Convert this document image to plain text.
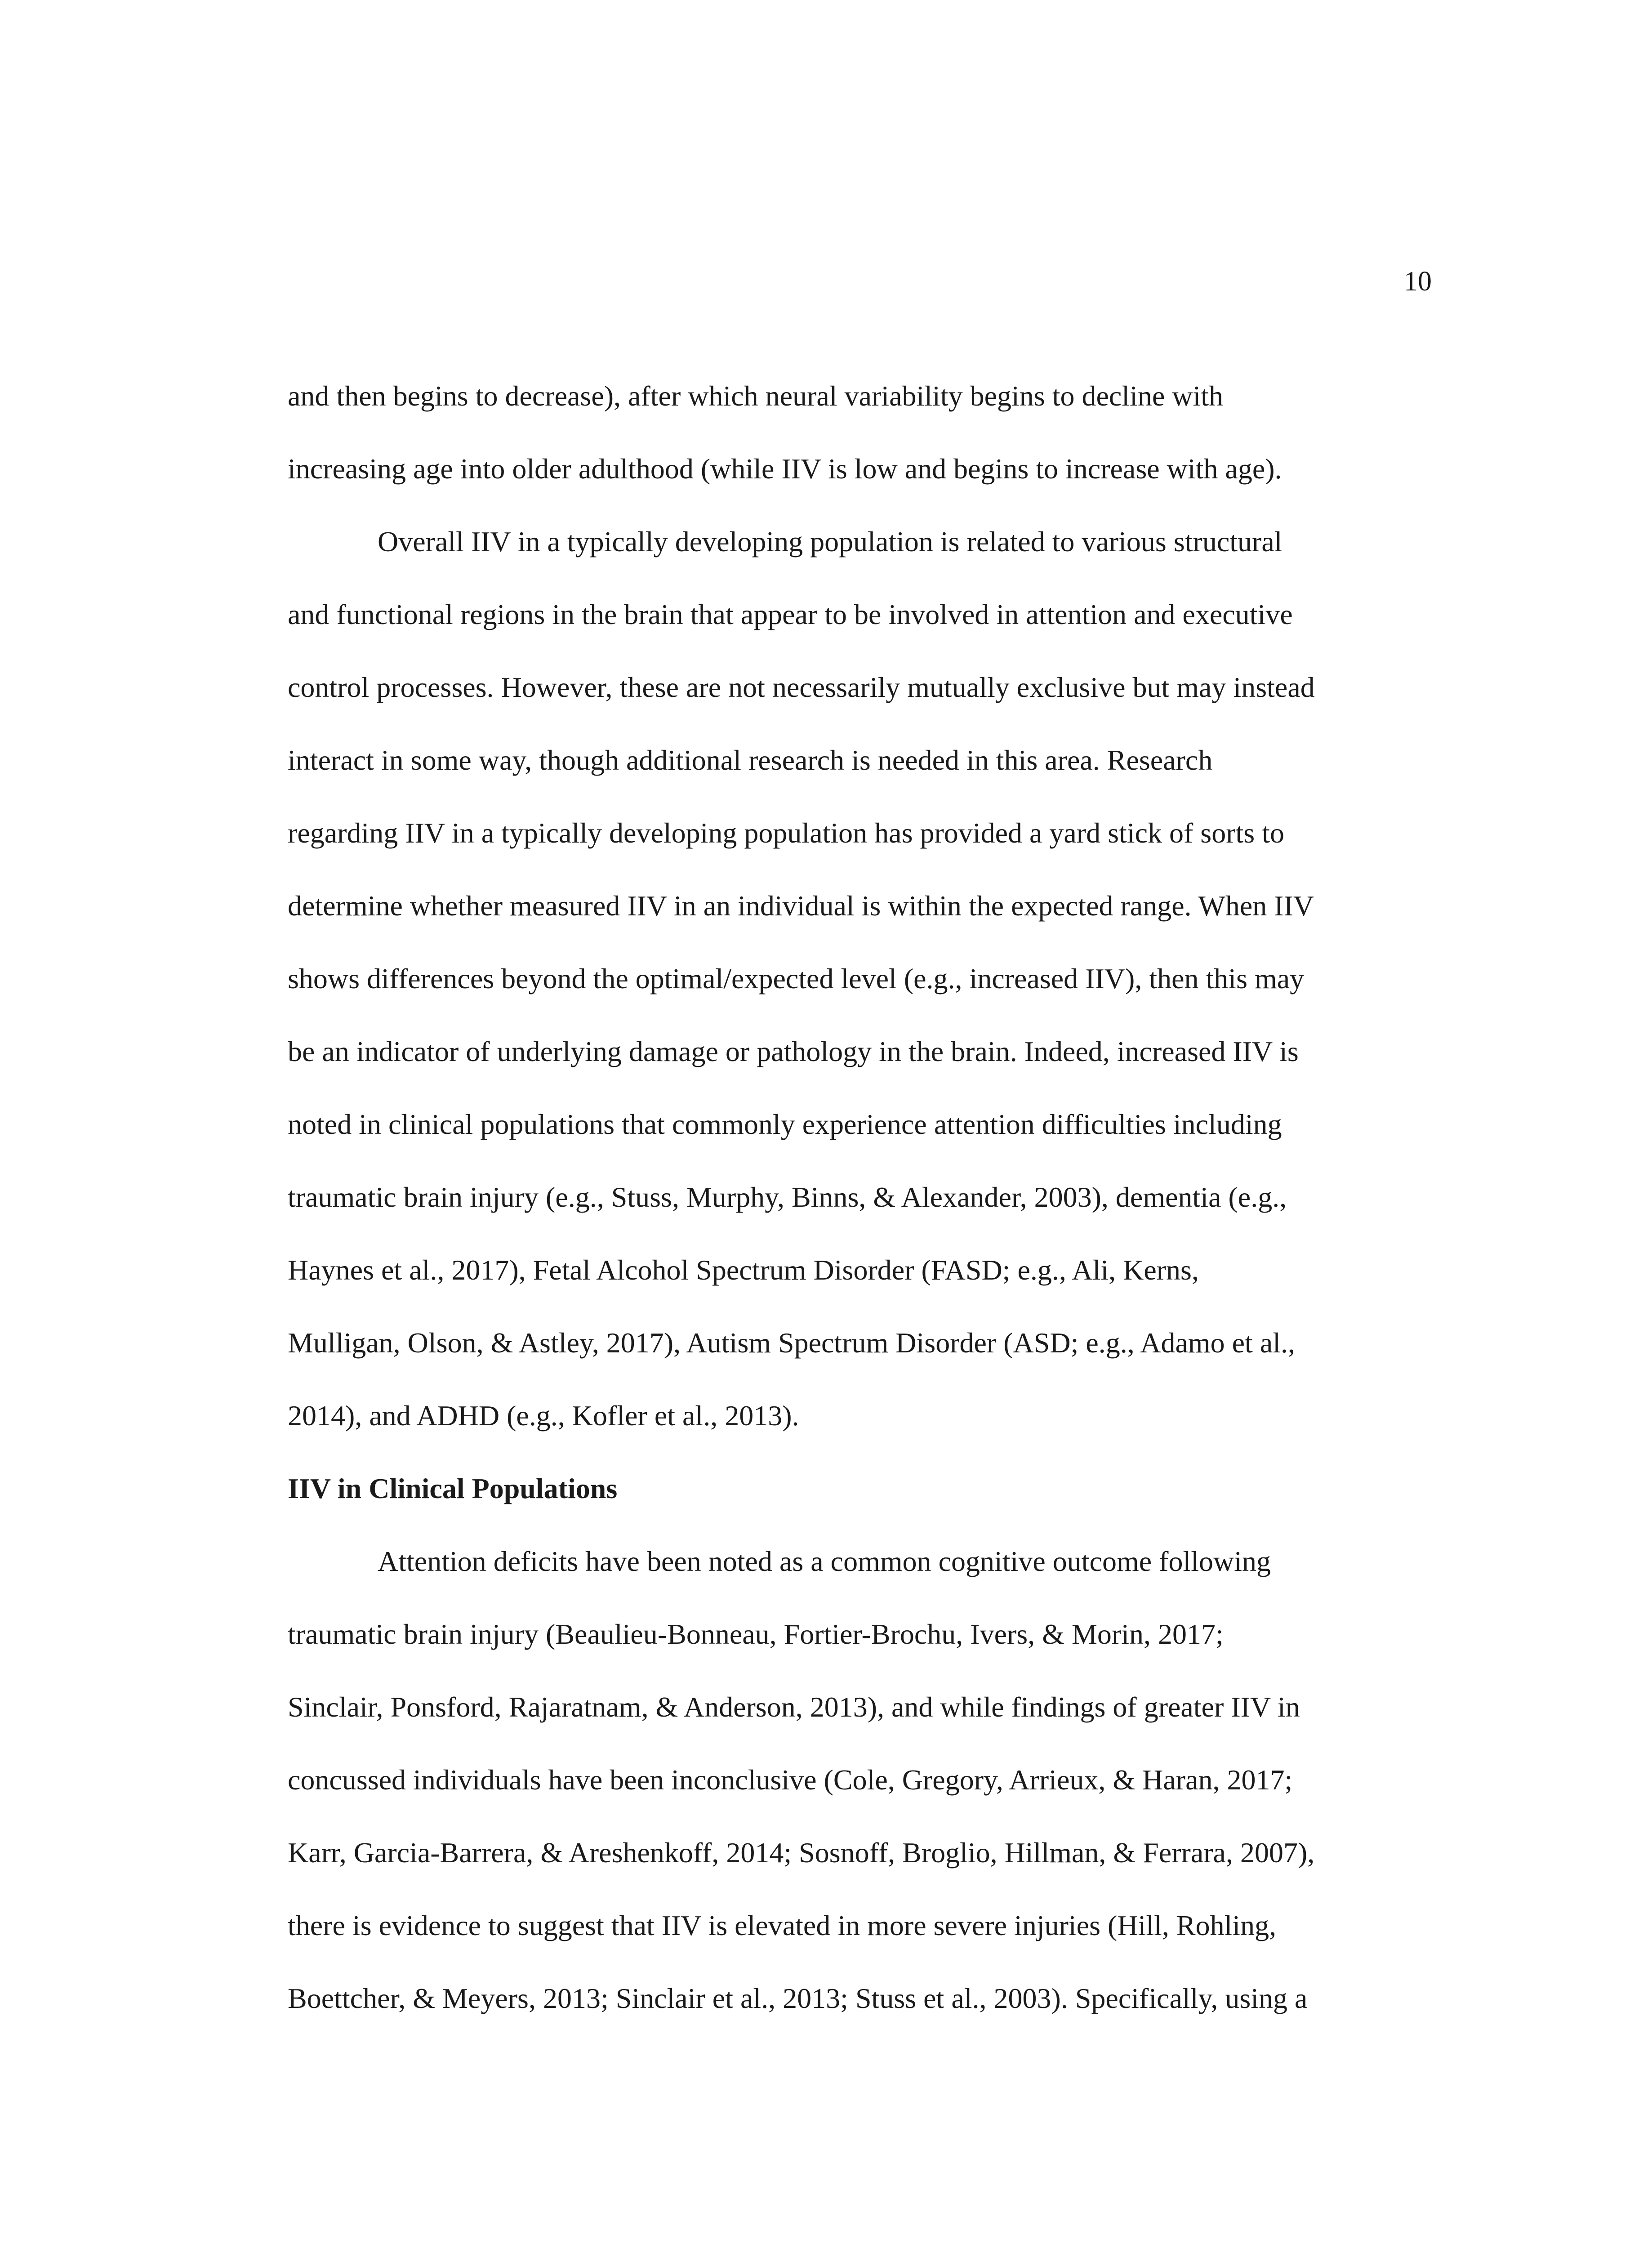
10

and then begins to decrease), after which neural variability begins to decline with
increasing age into older adulthood (while IIV is low and begins to increase with age).

Overall IIV in a typically developing population is related to various structural
and functional regions in the brain that appear to be involved in attention and executive
control processes. However, these are not necessarily mutually exclusive but may instead
interact in some way, though additional research is needed in this area. Research
regarding IIV in a typically developing population has provided a yard stick of sorts to
determine whether measured IIV in an individual is within the expected range. When IIV
shows differences beyond the optimal/expected level (e.g., increased IIV), then this may
be an indicator of underlying damage or pathology in the brain. Indeed, increased IIV is
noted in clinical populations that commonly experience attention difficulties including
traumatic brain injury (e.g., Stuss, Murphy, Binns, & Alexander, 2003), dementia (e.g.,
Haynes et al., 2017), Fetal Alcohol Spectrum Disorder (FASD; e.g., Ali, Kerns,
Mulligan, Olson, & Astley, 2017), Autism Spectrum Disorder (ASD; e.g., Adamo et al.,
2014), and ADHD (e.g., Kofler et al., 2013).

IIV in Clinical Populations

Attention deficits have been noted as a common cognitive outcome following
traumatic brain injury (Beaulieu-Bonneau, Fortier-Brochu, Ivers, & Morin, 2017;
Sinclair, Ponsford, Rajaratnam, & Anderson, 2013), and while findings of greater IIV in
concussed individuals have been inconclusive (Cole, Gregory, Arrieux, & Haran, 2017;
Karr, Garcia-Barrera, & Areshenkoff, 2014; Sosnoff, Broglio, Hillman, & Ferrara, 2007),
there is evidence to suggest that IIV is elevated in more severe injuries (Hill, Rohling,
Boettcher, & Meyers, 2013; Sinclair et al., 2013; Stuss et al., 2003). Specifically, using a
